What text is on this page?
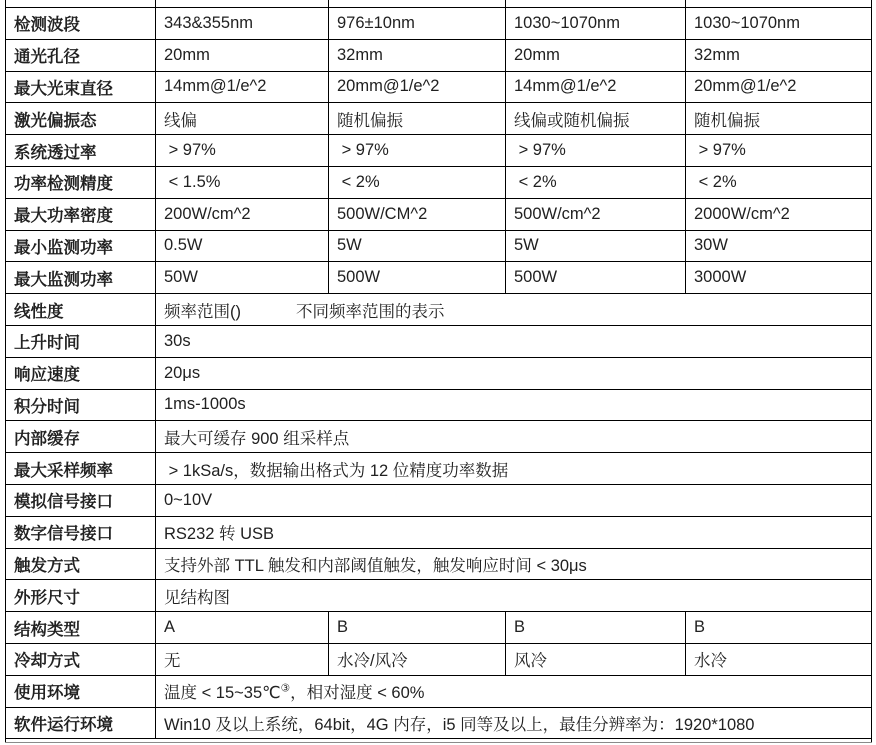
检测波段	343&355nm	976±10nm	1030~1070nm	1030~1070nm
通光孔径	20mm	32mm	20mm	32mm
最大光束直径	14mm@1/e^2	20mm@1/e^2	14mm@1/e^2	20mm@1/e^2
激光偏振态	线偏	随机偏振	线偏或随机偏振	随机偏振
系统透过率	> 97%	> 97%	> 97%	> 97%
功率检测精度	< 1.5%	< 2%	< 2%	< 2%
最大功率密度	200W/cm^2	500W/CM^2	500W/cm^2	2000W/cm^2
最小监测功率	0.5W	5W	5W	30W
最大监测功率	50W	500W	500W	3000W
线性度	频率范围()            不同频率范围的表示			
上升时间	30s			
响应速度	20μs			
积分时间	1ms-1000s			
内部缓存	最大可缓存 900 组采样点			
最大采样频率	> 1kSa/s，数据输出格式为 12 位精度功率数据			
模拟信号接口	0~10V			
数字信号接口	RS232 转 USB			
触发方式	支持外部 TTL 触发和内部阈值触发，触发响应时间 < 30μs			
外形尺寸	见结构图			
结构类型	A	B	B	B
冷却方式	无	水冷/风冷	风冷	水冷
使用环境	温度 < 15~35℃③，相对湿度 < 60%			
软件运行环境	Win10 及以上系统，64bit，4G 内存，i5 同等及以上，最佳分辨率为：1920*1080			
